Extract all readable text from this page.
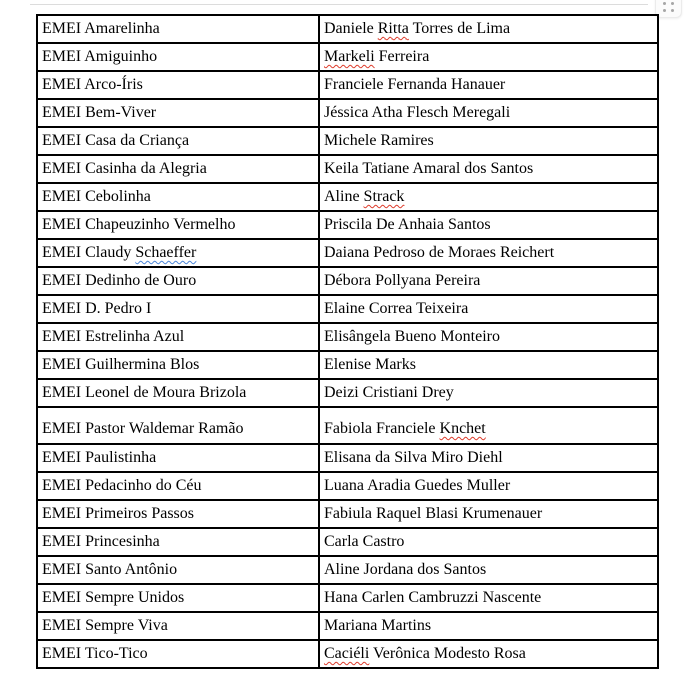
EMEI Amarelinha	Daniele Ritta Torres de Lima
EMEI Amiguinho	Markeli Ferreira
EMEI Arco-Íris	Franciele Fernanda Hanauer
EMEI Bem-Viver	Jéssica Atha Flesch Meregali
EMEI Casa da Criança	Michele Ramires
EMEI Casinha da Alegria	Keila Tatiane Amaral dos Santos
EMEI Cebolinha	Aline Strack
EMEI Chapeuzinho Vermelho	Priscila De Anhaia Santos
EMEI Claudy Schaeffer	Daiana Pedroso de Moraes Reichert
EMEI Dedinho de Ouro	Débora Pollyana Pereira
EMEI D. Pedro I	Elaine Correa Teixeira
EMEI Estrelinha Azul	Elisângela Bueno Monteiro
EMEI Guilhermina Blos	Elenise Marks
EMEI Leonel de Moura Brizola	Deizi Cristiani Drey
EMEI Pastor Waldemar Ramão	Fabiola Franciele Knchet
EMEI Paulistinha	Elisana da Silva Miro Diehl
EMEI Pedacinho do Céu	Luana Aradia Guedes Muller
EMEI Primeiros Passos	Fabiula Raquel Blasi Krumenauer
EMEI Princesinha	Carla Castro
EMEI Santo Antônio	Aline Jordana dos Santos
EMEI Sempre Unidos	Hana Carlen Cambruzzi Nascente
EMEI Sempre Viva	Mariana Martins
EMEI Tico-Tico	Caciéli Verônica Modesto Rosa
